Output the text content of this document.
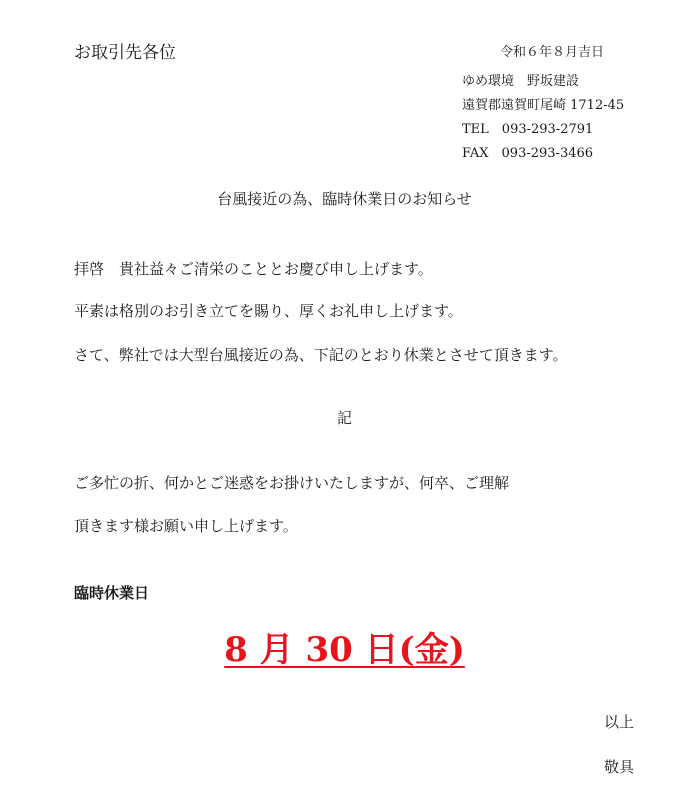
お取引先各位	令和６年８月吉日
ゆめ環境　野坂建設
遠賀郡遠賀町尾崎 1712-45
TEL　093-293-2791
FAX　093-293-3466
台風接近の為、臨時休業日のお知らせ
拝啓　貴社益々ご清栄のこととお慶び申し上げます。
平素は格別のお引き立てを賜り、厚くお礼申し上げます。
さて、弊社では大型台風接近の為、下記のとおり休業とさせて頂きます。
記
ご多忙の折、何かとご迷惑をお掛けいたしますが、何卒、ご理解
頂きます様お願い申し上げます。
臨時休業日
8 月 30 日(金)
以上
敬具
